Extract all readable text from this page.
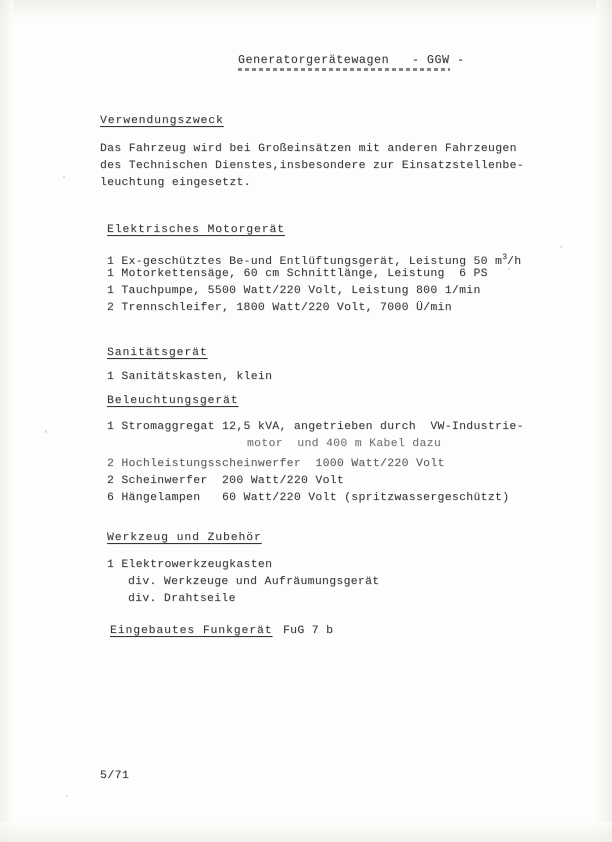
Generatorgerätewagen   - GGW -
Verwendungszweck
Das Fahrzeug wird bei Großeinsätzen mit anderen Fahrzeugen
des Technischen Dienstes,insbesondere zur Einsatzstellenbe-
leuchtung eingesetzt.
Elektrisches Motorgerät
1 Ex-geschütztes Be-und Entlüftungsgerät, Leistung 50 $m^3/h$
1 Motorkettensäge, 60 cm Schnittlänge, Leistung  6 PS
1 Tauchpumpe, 5500 Watt/220 Volt, Leistung 800 1/min
2 Trennschleifer, 1800 Watt/220 Volt, 7000 Ü/min
Sanitätsgerät
1 Sanitätskasten, klein
Beleuchtungsgerät
1 Stromaggregat 12,5 kVA, angetrieben durch  VW-Industrie-
motor  und 400 m Kabel dazu
2 Hochleistungsscheinwerfer  1000 Watt/220 Volt
2 Scheinwerfer  200 Watt/220 Volt
6 Hängelampen   60 Watt/220 Volt (spritzwassergeschützt)
Werkzeug und Zubehör
1 Elektrowerkzeugkasten
div. Werkzeuge und Aufräumungsgerät
div. Drahtseile
Eingebautes Funkgerät FuG 7 b
5/71
